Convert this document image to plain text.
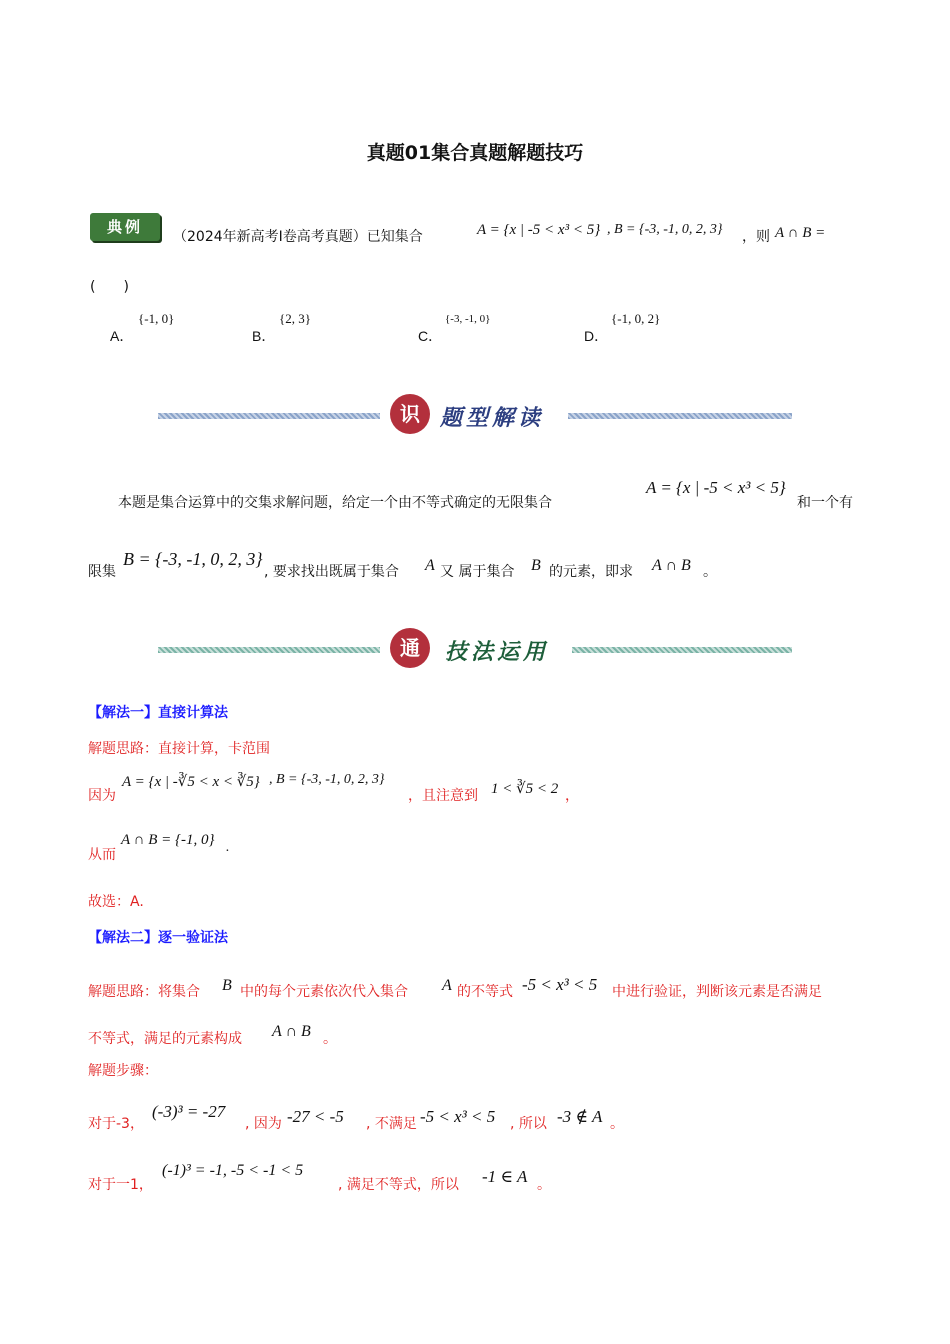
真题01集合真题解题技巧
典例
（2024年新高考Ⅰ卷高考真题）已知集合	A = {x | -5 < x³ < 5} , B = {-3, -1, 0, 2, 3} ，则 A ∩ B =
(　　)
A．
{-1, 0}
B．
{2, 3}
C．
{-3, -1, 0}
D．
{-1, 0, 2}
识 题型解读
本题是集合运算中的交集求解问题，给定一个由不等式确定的无限集合
A = {x | -5 < x³ < 5}
和一个有
限集
B = {-3, -1, 0, 2, 3}
, 要求找出既属于集合 A 又 属于集合 B 的元素，即求 A ∩ B 。
通	技法运用
【解法一】直接计算法
解题思路：直接计算，卡范围
因为
A = {x | -∛5 < x < ∛5} , B = {-3, -1, 0, 2, 3}
，且注意到 1 < ∛5 < 2 ，
从而
A ∩ B = {-1, 0} .
故选：A.
【解法二】逐一验证法
解题思路：将集合 B 中的每个元素依次代入集合 A 的不等式 -5 < x³ < 5 中进行验证，判断该元素是否满足
不等式，满足的元素构成 A ∩ B 。
解题步骤：
对于-3，
(-3)³ = -27
, 因为 -27 < -5 , 不满足 -5 < x³ < 5 , 所以 -3 ∉ A 。
对于一1，
(-1)³ = -1, -5 < -1 < 5
, 满足不等式，所以 -1 ∈ A 。
